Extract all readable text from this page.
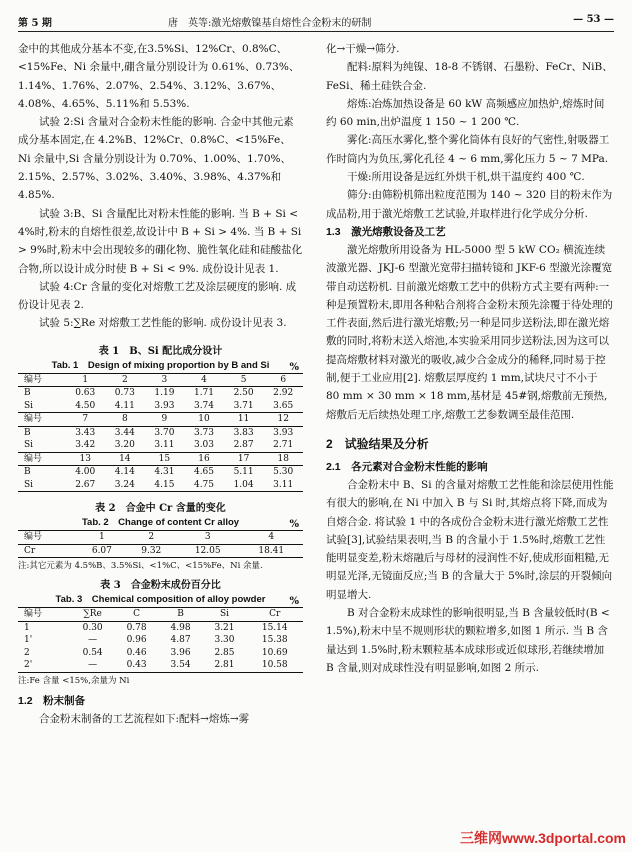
第 5 期	唐　英等:激光熔敷镍基自熔性合金粉末的研制	— 53 —

金中的其他成分基本不变,在3.5%Si、12%Cr、0.8%C、<15%Fe、Ni 余量中,硼含量分别设计为 0.61%、0.73%、1.14%、1.76%、2.07%、2.54%、3.12%、3.67%、4.08%、4.65%、5.11%和 5.53%.

试验 2:Si 含量对合金粉末性能的影响. 合金中其他元素成分基本固定,在 4.2%B、12%Cr、0.8%C、<15%Fe、Ni 余量中,Si 含量分别设计为 0.70%、1.00%、1.70%、2.15%、2.57%、3.02%、3.40%、3.98%、4.37%和4.85%.

试验 3:B、Si 含量配比对粉末性能的影响. 当 B + Si < 4%时,粉末的自熔性很差,故设计中 B + Si > 4%. 当 B + Si > 9%时,粉末中会出现较多的硼化物、脆性氧化硅和硅酸盐化合物,所以设计成分时使 B + Si < 9%. 成份设计见表 1.

试验 4:Cr 含量的变化对熔敷工艺及涂层硬度的影响. 成份设计见表 2.

试验 5:∑Re 对熔敷工艺性能的影响. 成份设计见表 3.

表 1　B、Si 配比成分设计
Tab. 1　Design of mixing proportion by B and Si	%
编号	1	2	3	4	5	6
B	0.63	0.73	1.19	1.71	2.50	2.92
Si	4.50	4.11	3.93	3.74	3.71	3.65
编号	7	8	9	10	11	12
B	3.43	3.44	3.70	3.73	3.83	3.93
Si	3.42	3.20	3.11	3.03	2.87	2.71
编号	13	14	15	16	17	18
B	4.00	4.14	4.31	4.65	5.11	5.30
Si	2.67	3.24	4.15	4.75	1.04	3.11
表 2　合金中 Cr 含量的变化
Tab. 2　Change of content Cr alloy	%
编号	1	2	3	4
Cr	6.07	9.32	12.05	18.41
注:其它元素为 4.5%B、3.5%Si、<1%C、<15%Fe、Ni 余量.
表 3　合金粉末成份百分比
Tab. 3　Chemical composition of alloy powder	%
编号	∑Re	C	B	Si	Cr
1	0.30	0.78	4.98	3.21	15.14
1'	—	0.96	4.87	3.30	15.38
2	0.54	0.46	3.96	2.85	10.69
2'	—	0.43	3.54	2.81	10.58
注:Fe 含量 <15%,余量为 Ni
1.2　粉末制备

合金粉末制备的工艺流程如下:配料→熔炼→雾

化→干燥→筛分.

配料:原料为纯镍、18-8 不锈钢、石墨粉、FeCr、NiB、FeSi、稀土硅铁合金.

熔炼:冶炼加热设备是 60 kW 高频感应加热炉,熔炼时间约 60 min,出炉温度 1 150 ~ 1 200 ℃.

雾化:高压水雾化,整个雾化筒体有良好的气密性,射吸器工作时筒内为负压,雾化孔径 4 ~ 6 mm,雾化压力 5 ~ 7 MPa.

干燥:所用设备是远红外烘干机,烘干温度约 400 ℃.

筛分:由筛粉机筛出粒度范围为 140 ~ 320 目的粉末作为成品粉,用于激光熔敷工艺试验,并取样进行化学成分分析.

1.3　激光熔敷设备及工艺

激光熔敷所用设备为 HL-5000 型 5 kW CO₂ 横流连续波激光器、JKJ-6 型激光宽带扫描转镜和 JKF-6 型激光涂覆宽带自动送粉机. 目前激光熔敷工艺中的供粉方式主要有两种:一种是预置粉末,即用各种粘合剂将合金粉末预先涂覆于待处理的工件表面,然后进行激光熔敷;另一种是同步送粉法,即在激光熔敷的同时,将粉末送入熔池,本实验采用同步送粉法,因为这可以提高熔敷材料对激光的吸收,减少合金成分的稀释,同时易于控制,便于工业应用[2]. 熔敷层厚度约 1 mm,试块尺寸不小于 80 mm × 30 mm × 18 mm,基材是 45#钢,熔敷前无预热,熔敷后无后续热处理工序,熔敷工艺参数调至最佳范围.

2　试验结果及分析
2.1　各元素对合金粉末性能的影响

合金粉末中 B、Si 的含量对熔敷工艺性能和涂层使用性能有很大的影响,在 Ni 中加入 B 与 Si 时,其熔点将下降,而成为自熔合金. 将试验 1 中的各成份合金粉末进行激光熔敷工艺性试验[3],试验结果表明,当 B 的含量小于 1.5%时,熔敷工艺性能明显变差,粉末熔融后与母材的浸润性不好,使成形面粗糙,无明显光泽,无镜面反应;当 B 的含量大于 5%时,涂层的开裂倾向明显增大.

B 对合金粉末成球性的影响很明显,当 B 含量较低时(B < 1.5%),粉末中呈不规则形状的颗粒增多,如图 1 所示. 当 B 含量达到 1.5%时,粉末颗粒基本成球形或近似球形,若继续增加 B 含量,则对成球性没有明显影响,如图 2 所示.

三维网www.3dportal.com
